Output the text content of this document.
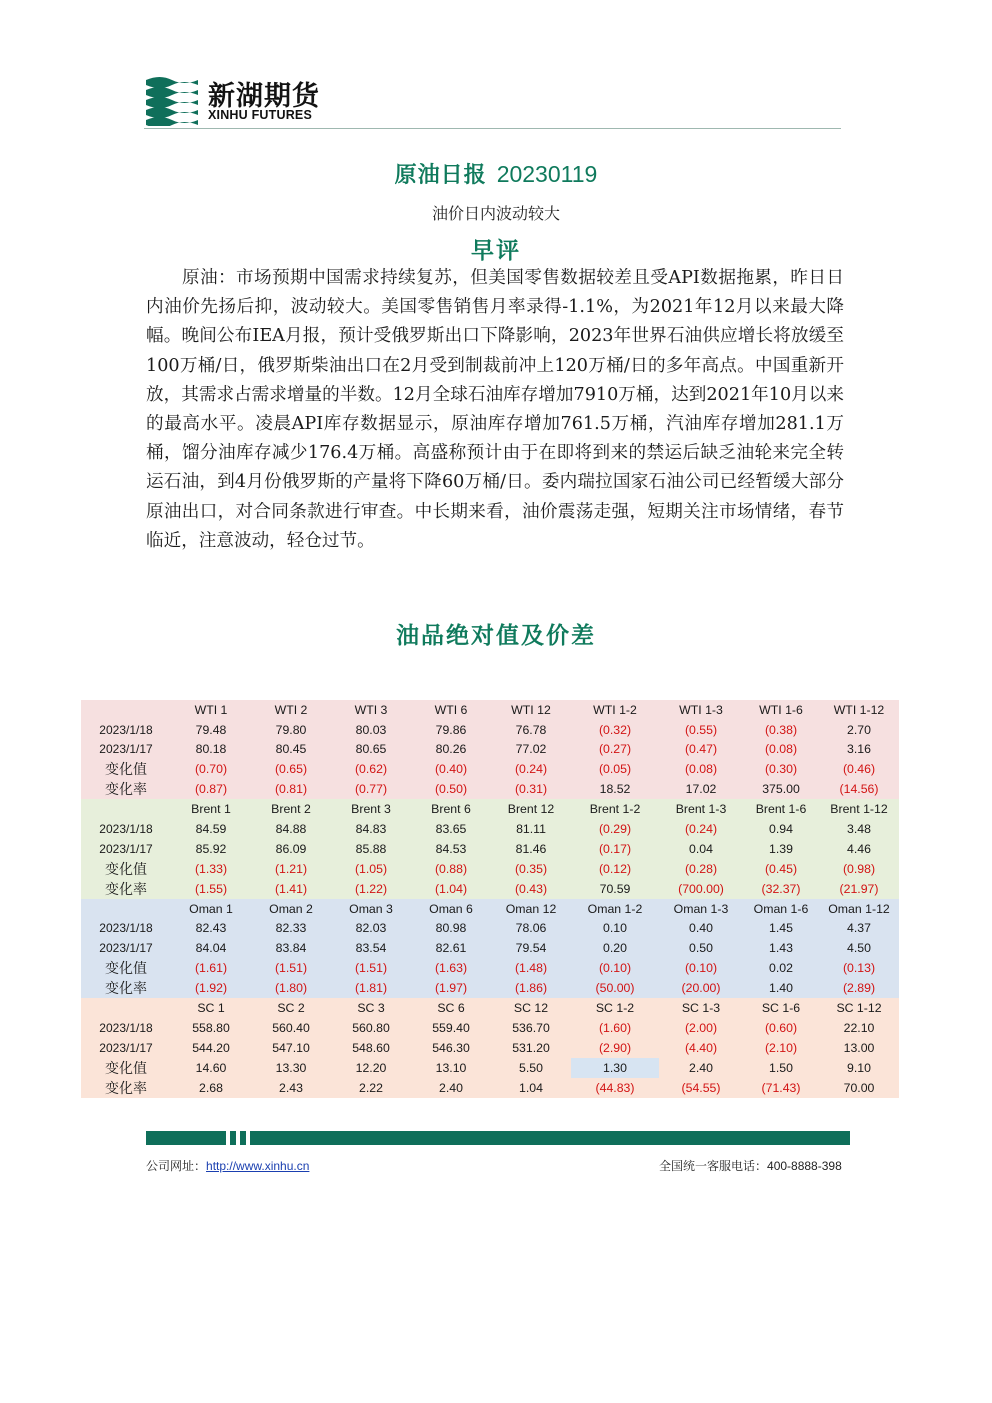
新湖期货
XINHU FUTURES
原油日报 20230119
油价日内波动较大
早评
原油：市场预期中国需求持续复苏，但美国零售数据较差且受API数据拖累，昨日日内油价先扬后抑，波动较大。美国零售销售月率录得-1.1%，为2021年12月以来最大降幅。晚间公布IEA月报，预计受俄罗斯出口下降影响，2023年世界石油供应增长将放缓至100万桶/日，俄罗斯柴油出口在2月受到制裁前冲上120万桶/日的多年高点。中国重新开放，其需求占需求增量的半数。12月全球石油库存增加7910万桶，达到2021年10月以来的最高水平。凌晨API库存数据显示，原油库存增加761.5万桶，汽油库存增加281.1万桶，馏分油库存减少176.4万桶。高盛称预计由于在即将到来的禁运后缺乏油轮来完全转运石油，到4月份俄罗斯的产量将下降60万桶/日。委内瑞拉国家石油公司已经暂缓大部分原油出口，对合同条款进行审查。中长期来看，油价震荡走强，短期关注市场情绪，春节临近，注意波动，轻仓过节。
油品绝对值及价差
	WTI 1	WTI 2	WTI 3	WTI 6	WTI 12	WTI 1-2	WTI 1-3	WTI 1-6	WTI 1-12
2023/1/18	79.48	79.80	80.03	79.86	76.78	(0.32)	(0.55)	(0.38)	2.70
2023/1/17	80.18	80.45	80.65	80.26	77.02	(0.27)	(0.47)	(0.08)	3.16
变化值	(0.70)	(0.65)	(0.62)	(0.40)	(0.24)	(0.05)	(0.08)	(0.30)	(0.46)
变化率	(0.87)	(0.81)	(0.77)	(0.50)	(0.31)	18.52	17.02	375.00	(14.56)
	Brent 1	Brent 2	Brent 3	Brent 6	Brent 12	Brent 1-2	Brent 1-3	Brent 1-6	Brent 1-12
2023/1/18	84.59	84.88	84.83	83.65	81.11	(0.29)	(0.24)	0.94	3.48
2023/1/17	85.92	86.09	85.88	84.53	81.46	(0.17)	0.04	1.39	4.46
变化值	(1.33)	(1.21)	(1.05)	(0.88)	(0.35)	(0.12)	(0.28)	(0.45)	(0.98)
变化率	(1.55)	(1.41)	(1.22)	(1.04)	(0.43)	70.59	(700.00)	(32.37)	(21.97)
	Oman 1	Oman 2	Oman 3	Oman 6	Oman 12	Oman 1-2	Oman 1-3	Oman 1-6	Oman 1-12
2023/1/18	82.43	82.33	82.03	80.98	78.06	0.10	0.40	1.45	4.37
2023/1/17	84.04	83.84	83.54	82.61	79.54	0.20	0.50	1.43	4.50
变化值	(1.61)	(1.51)	(1.51)	(1.63)	(1.48)	(0.10)	(0.10)	0.02	(0.13)
变化率	(1.92)	(1.80)	(1.81)	(1.97)	(1.86)	(50.00)	(20.00)	1.40	(2.89)
	SC 1	SC 2	SC 3	SC 6	SC 12	SC 1-2	SC 1-3	SC 1-6	SC 1-12
2023/1/18	558.80	560.40	560.80	559.40	536.70	(1.60)	(2.00)	(0.60)	22.10
2023/1/17	544.20	547.10	548.60	546.30	531.20	(2.90)	(4.40)	(2.10)	13.00
变化值	14.60	13.30	12.20	13.10	5.50	1.30	2.40	1.50	9.10
变化率	2.68	2.43	2.22	2.40	1.04	(44.83)	(54.55)	(71.43)	70.00
公司网址：http://www.xinhu.cn	全国统一客服电话：400-8888-398
